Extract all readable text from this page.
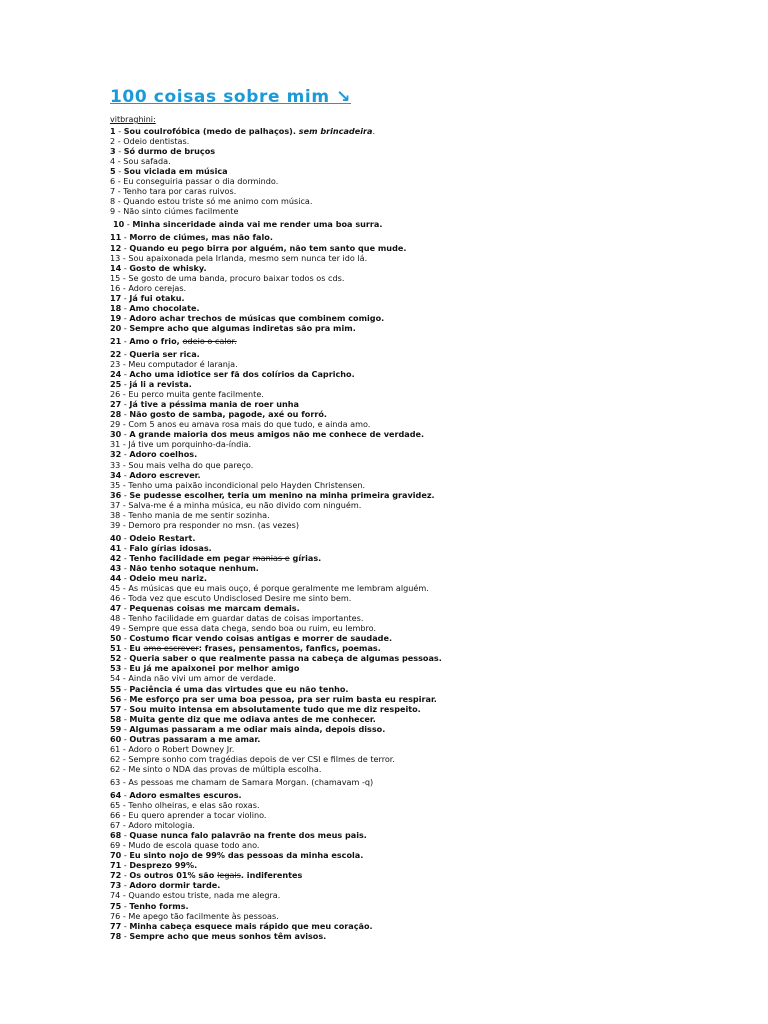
100 coisas sobre mim ↘
vitbraghini:
1 - Sou coulrofóbica (medo de palhaços). sem brincadeira.
2 - Odeio dentistas.
3 - Só durmo de bruços
4 - Sou safada.
5 - Sou viciada em música
6 - Eu conseguiria passar o dia dormindo.
7 - Tenho tara por caras ruivos.
8 - Quando estou triste só me animo com música.
9 - Não sinto ciúmes facilmente
10 - Minha sinceridade ainda vai me render uma boa surra.
11 - Morro de ciúmes, mas não falo.
12 - Quando eu pego birra por alguém, não tem santo que mude.
13 - Sou apaixonada pela Irlanda, mesmo sem nunca ter ido lá.
14 - Gosto de whisky.
15 - Se gosto de uma banda, procuro baixar todos os cds.
16 - Adoro cerejas.
17 - Já fui otaku.
18 - Amo chocolate.
19 - Adoro achar trechos de músicas que combinem comigo.
20 - Sempre acho que algumas indiretas são pra mim.
21 - Amo o frio, odeio o calor.
22 - Queria ser rica.
23 - Meu computador é laranja.
24 - Acho uma idiotice ser fã dos colírios da Capricho.
25 - já li a revista.
26 - Eu perco muita gente facilmente.
27 - Já tive a péssima mania de roer unha
28 - Não gosto de samba, pagode, axé ou forró.
29 - Com 5 anos eu amava rosa mais do que tudo, e ainda amo.
30 - A grande maioria dos meus amigos não me conhece de verdade.
31 - Já tive um porquinho-da-índia.
32 - Adoro coelhos.
33 - Sou mais velha do que pareço.
34 - Adoro escrever.
35 - Tenho uma paixão incondicional pelo Hayden Christensen.
36 - Se pudesse escolher, teria um menino na minha primeira gravidez.
37 - Salva-me é a minha música, eu não divido com ninguém.
38 - Tenho mania de me sentir sozinha.
39 - Demoro pra responder no msn. (as vezes)
40 - Odeio Restart.
41 - Falo gírias idosas.
42 - Tenho facilidade em pegar manias e gírias.
43 - Não tenho sotaque nenhum.
44 - Odeio meu nariz.
45 - As músicas que eu mais ouço, é porque geralmente me lembram alguém.
46 - Toda vez que escuto Undisclosed Desire me sinto bem.
47 - Pequenas coisas me marcam demais.
48 - Tenho facilidade em guardar datas de coisas importantes.
49 - Sempre que essa data chega, sendo boa ou ruim, eu lembro.
50 - Costumo ficar vendo coisas antigas e morrer de saudade.
51 - Eu amo escrever: frases, pensamentos, fanfics, poemas.
52 - Queria saber o que realmente passa na cabeça de algumas pessoas.
53 - Eu já me apaixonei por melhor amigo
54 - Ainda não vivi um amor de verdade.
55 - Paciência é uma das virtudes que eu não tenho.
56 - Me esforço pra ser uma boa pessoa, pra ser ruim basta eu respirar.
57 - Sou muito intensa em absolutamente tudo que me diz respeito.
58 - Muita gente diz que me odiava antes de me conhecer.
59 - Algumas passaram a me odiar mais ainda, depois disso.
60 - Outras passaram a me amar.
61 - Adoro o Robert Downey Jr.
62 - Sempre sonho com tragédias depois de ver CSI e filmes de terror.
62 - Me sinto o NDA das provas de múltipla escolha.
63 - As pessoas me chamam de Samara Morgan. (chamavam -q)
64 - Adoro esmaltes escuros.
65 - Tenho olheiras, e elas são roxas.
66 - Eu quero aprender a tocar violino.
67 - Adoro mitologia.
68 - Quase nunca falo palavrão na frente dos meus pais.
69 - Mudo de escola quase todo ano.
70 - Eu sinto nojo de 99% das pessoas da minha escola.
71 - Desprezo 99%.
72 - Os outros 01% são legais. indiferentes
73 - Adoro dormir tarde.
74 - Quando estou triste, nada me alegra.
75 - Tenho forms.
76 - Me apego tão facilmente às pessoas.
77 - Minha cabeça esquece mais rápido que meu coração.
78 - Sempre acho que meus sonhos têm avisos.
